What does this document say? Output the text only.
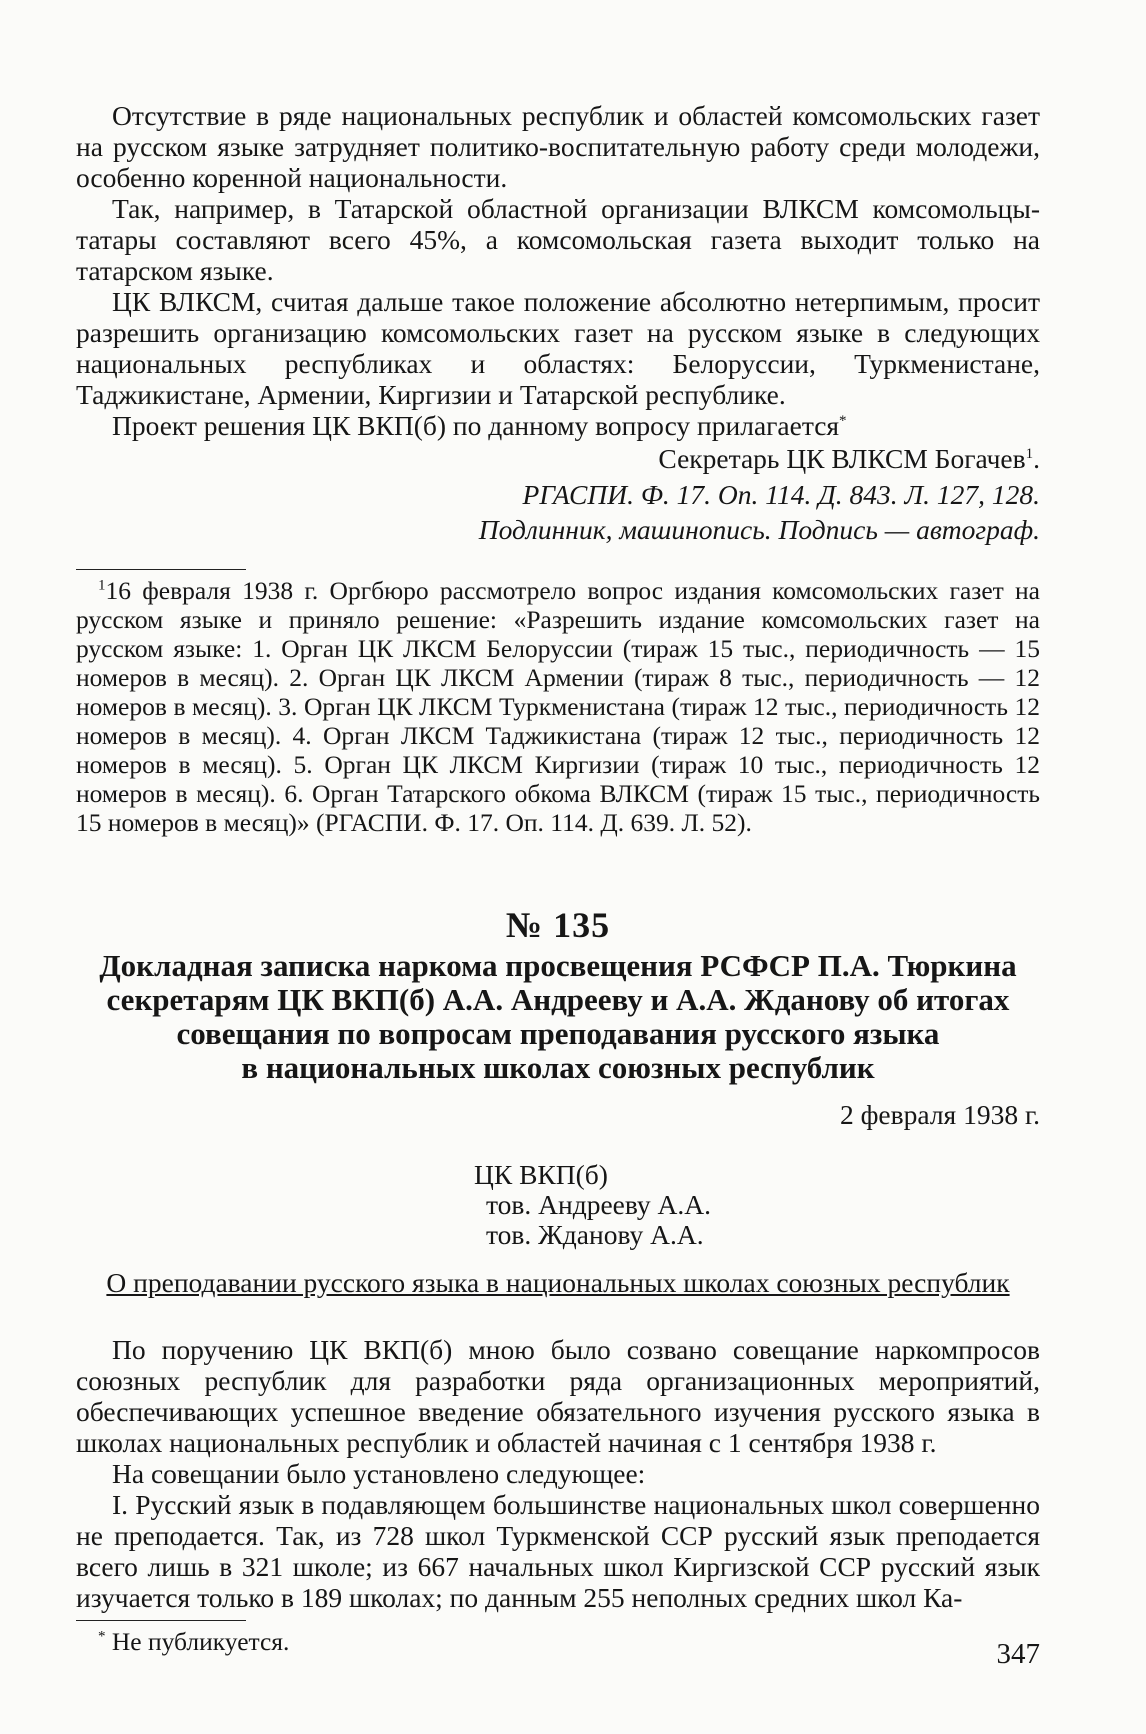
Отсутствие в ряде национальных республик и областей комсомольских газет на русском языке затрудняет политико-воспитательную работу среди молодежи, особенно коренной национальности.

Так, например, в Татарской областной организации ВЛКСМ комсомольцы-татары составляют всего 45%, а комсомольская газета выходит только на татарском языке.

ЦК ВЛКСМ, считая дальше такое положение абсолютно нетерпимым, просит разрешить организацию комсомольских газет на русском языке в следующих национальных республиках и областях: Белоруссии, Туркменистане, Таджикистане, Армении, Киргизии и Татарской республике.

Проект решения ЦК ВКП(б) по данному вопросу прилагается*

Секретарь ЦК ВЛКСМ Богачев$^1$.

РГАСПИ. Ф. 17. Оп. 114. Д. 843. Л. 127, 128.

Подлинник, машинопись. Подпись — автограф.

$^1$16 февраля 1938 г. Оргбюро рассмотрело вопрос издания комсомольских газет на русском языке и приняло решение: «Разрешить издание комсомольских газет на русском языке: 1. Орган ЦК ЛКСМ Белоруссии (тираж 15 тыс., периодичность — 15 номеров в месяц). 2. Орган ЦК ЛКСМ Армении (тираж 8 тыс., периодичность — 12 номеров в месяц). 3. Орган ЦК ЛКСМ Туркменистана (тираж 12 тыс., периодичность 12 номеров в месяц). 4. Орган ЛКСМ Таджикистана (тираж 12 тыс., периодичность 12 номеров в месяц). 5. Орган ЦК ЛКСМ Киргизии (тираж 10 тыс., периодичность 12 номеров в месяц). 6. Орган Татарского обкома ВЛКСМ (тираж 15 тыс., периодичность 15 номеров в месяц)» (РГАСПИ. Ф. 17. Оп. 114. Д. 639. Л. 52).

№ 135

Докладная записка наркома просвещения РСФСР П.А. Тюркина

секретарям ЦК ВКП(б) А.А. Андрееву и А.А. Жданову об итогах

совещания по вопросам преподавания русского языка

в национальных школах союзных республик

2 февраля 1938 г.

ЦК ВКП(б)

тов. Андрееву А.А.

тов. Жданову А.А.

О преподавании русского языка в национальных школах союзных республик

По поручению ЦК ВКП(б) мною было созвано совещание наркомпросов союзных республик для разработки ряда организационных мероприятий, обеспечивающих успешное введение обязательного изучения русского языка в школах национальных республик и областей начиная с 1 сентября 1938 г.

На совещании было установлено следующее:

I. Русский язык в подавляющем большинстве национальных школ совершенно не преподается. Так, из 728 школ Туркменской ССР русский язык преподается всего лишь в 321 школе; из 667 начальных школ Киргизской ССР русский язык изучается только в 189 школах; по данным 255 неполных средних школ Ка-

* Не публикуется.	347
